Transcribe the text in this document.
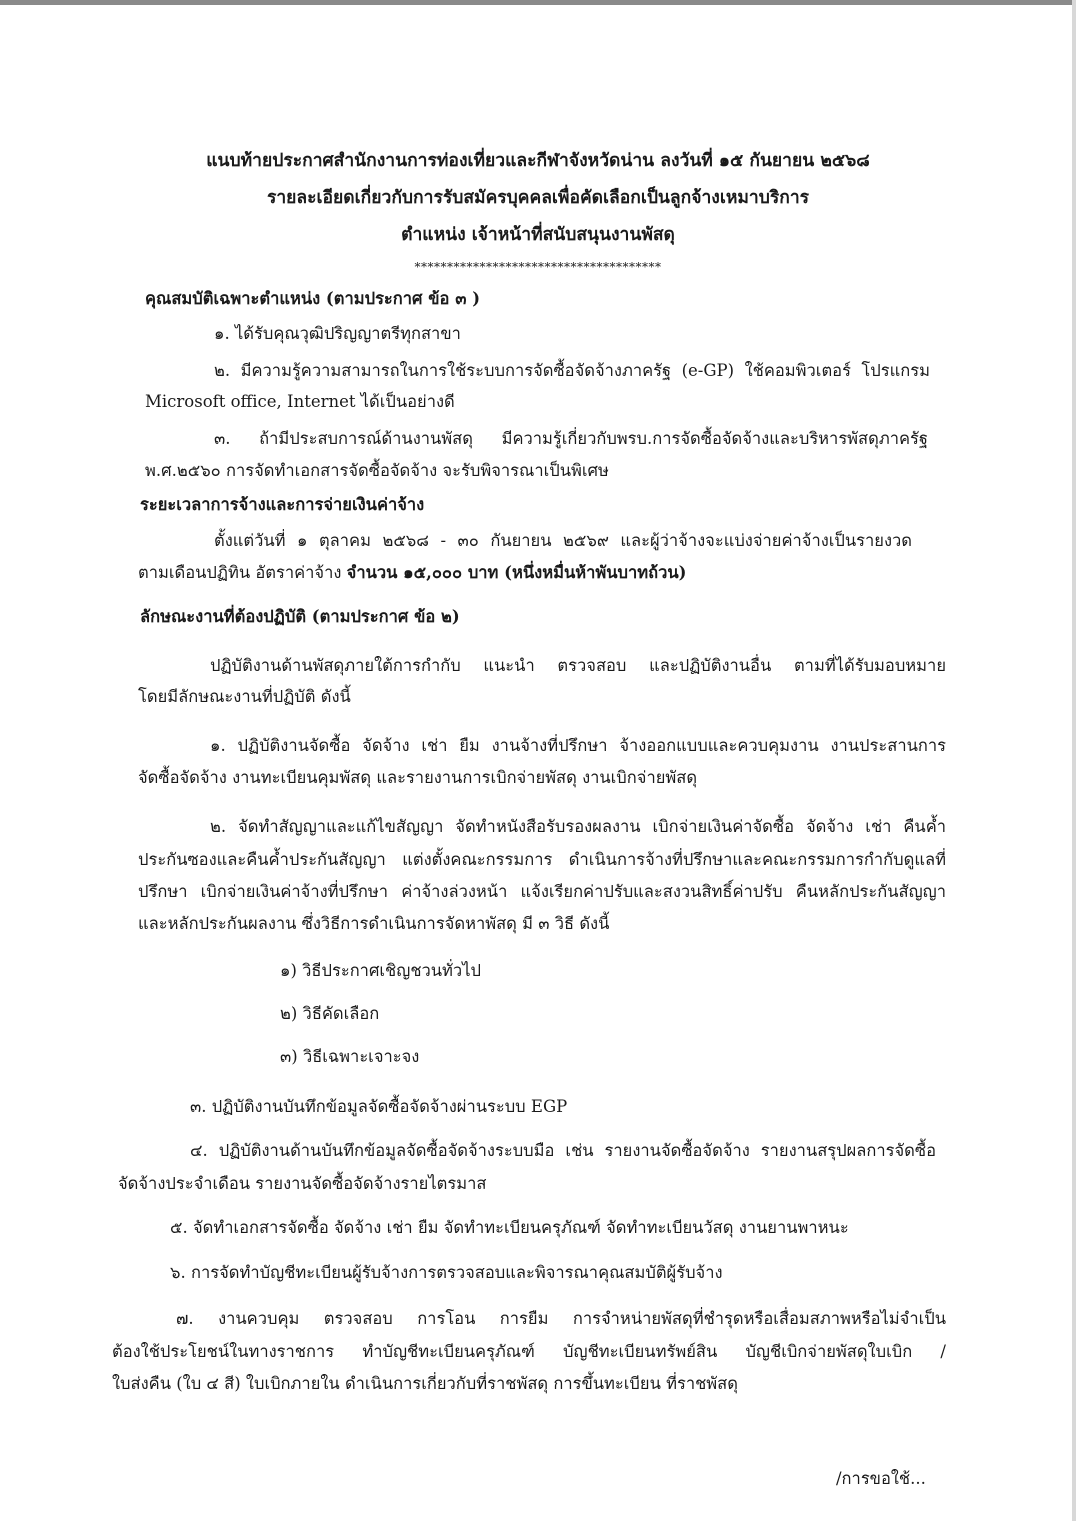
แนบท้ายประกาศสำนักงานการท่องเที่ยวและกีฬาจังหวัดน่าน ลงวันที่ ๑๕ กันยายน ๒๕๖๘
รายละเอียดเกี่ยวกับการรับสมัครบุคคลเพื่อคัดเลือกเป็นลูกจ้างเหมาบริการ
ตำแหน่ง เจ้าหน้าที่สนับสนุนงานพัสดุ
**************************************
คุณสมบัติเฉพาะตำแหน่ง (ตามประกาศ ข้อ ๓ )
๑. ได้รับคุณวุฒิปริญญาตรีทุกสาขา
๒. มีความรู้ความสามารถในการใช้ระบบการจัดซื้อจัดจ้างภาครัฐ (e-GP) ใช้คอมพิวเตอร์ โปรแกรม
Microsoft office, Internet ได้เป็นอย่างดี
๓. ถ้ามีประสบการณ์ด้านงานพัสดุ มีความรู้เกี่ยวกับพรบ.การจัดซื้อจัดจ้างและบริหารพัสดุภาครัฐ
พ.ศ.๒๕๖๐ การจัดทำเอกสารจัดซื้อจัดจ้าง จะรับพิจารณาเป็นพิเศษ
ระยะเวลาการจ้างและการจ่ายเงินค่าจ้าง
ตั้งแต่วันที่ ๑ ตุลาคม ๒๕๖๘ - ๓๐ กันยายน ๒๕๖๙ และผู้ว่าจ้างจะแบ่งจ่ายค่าจ้างเป็นรายงวด
ตามเดือนปฏิทิน อัตราค่าจ้าง จำนวน ๑๕,๐๐๐ บาท (หนึ่งหมื่นห้าพันบาทถ้วน)
ลักษณะงานที่ต้องปฏิบัติ (ตามประกาศ ข้อ ๒)
ปฏิบัติงานด้านพัสดุภายใต้การกำกับ แนะนำ ตรวจสอบ และปฏิบัติงานอื่น ตามที่ได้รับมอบหมาย
โดยมีลักษณะงานที่ปฏิบัติ ดังนี้
๑. ปฏิบัติงานจัดซื้อ จัดจ้าง เช่า ยืม งานจ้างที่ปรึกษา จ้างออกแบบและควบคุมงาน งานประสานการ
จัดซื้อจัดจ้าง งานทะเบียนคุมพัสดุ และรายงานการเบิกจ่ายพัสดุ งานเบิกจ่ายพัสดุ
๒. จัดทำสัญญาและแก้ไขสัญญา จัดทำหนังสือรับรองผลงาน เบิกจ่ายเงินค่าจัดซื้อ จัดจ้าง เช่า คืนค้ำ
ประกันซองและคืนค้ำประกันสัญญา แต่งตั้งคณะกรรมการ ดำเนินการจ้างที่ปรึกษาและคณะกรรมการกำกับดูแลที่
ปรึกษา เบิกจ่ายเงินค่าจ้างที่ปรึกษา ค่าจ้างล่วงหน้า แจ้งเรียกค่าปรับและสงวนสิทธิ์ค่าปรับ คืนหลักประกันสัญญา
และหลักประกันผลงาน ซึ่งวิธีการดำเนินการจัดหาพัสดุ มี ๓ วิธี ดังนี้
๑) วิธีประกาศเชิญชวนทั่วไป
๒) วิธีคัดเลือก
๓) วิธีเฉพาะเจาะจง
๓. ปฏิบัติงานบันทึกข้อมูลจัดซื้อจัดจ้างผ่านระบบ EGP
๔. ปฏิบัติงานด้านบันทึกข้อมูลจัดซื้อจัดจ้างระบบมือ เช่น รายงานจัดซื้อจัดจ้าง รายงานสรุปผลการจัดซื้อ
จัดจ้างประจำเดือน รายงานจัดซื้อจัดจ้างรายไตรมาส
๕. จัดทำเอกสารจัดซื้อ จัดจ้าง เช่า ยืม จัดทำทะเบียนครุภัณฑ์ จัดทำทะเบียนวัสดุ งานยานพาหนะ
๖. การจัดทำบัญชีทะเบียนผู้รับจ้างการตรวจสอบและพิจารณาคุณสมบัติผู้รับจ้าง
๗. งานควบคุม ตรวจสอบ การโอน การยืม การจำหน่ายพัสดุที่ชำรุดหรือเสื่อมสภาพหรือไม่จำเป็น
ต้องใช้ประโยชน์ในทางราชการ ทำบัญชีทะเบียนครุภัณฑ์ บัญชีทะเบียนทรัพย์สิน บัญชีเบิกจ่ายพัสดุใบเบิก /
ใบส่งคืน (ใบ ๔ สี) ใบเบิกภายใน ดำเนินการเกี่ยวกับที่ราชพัสดุ การขึ้นทะเบียน ที่ราชพัสดุ
/การขอใช้...
